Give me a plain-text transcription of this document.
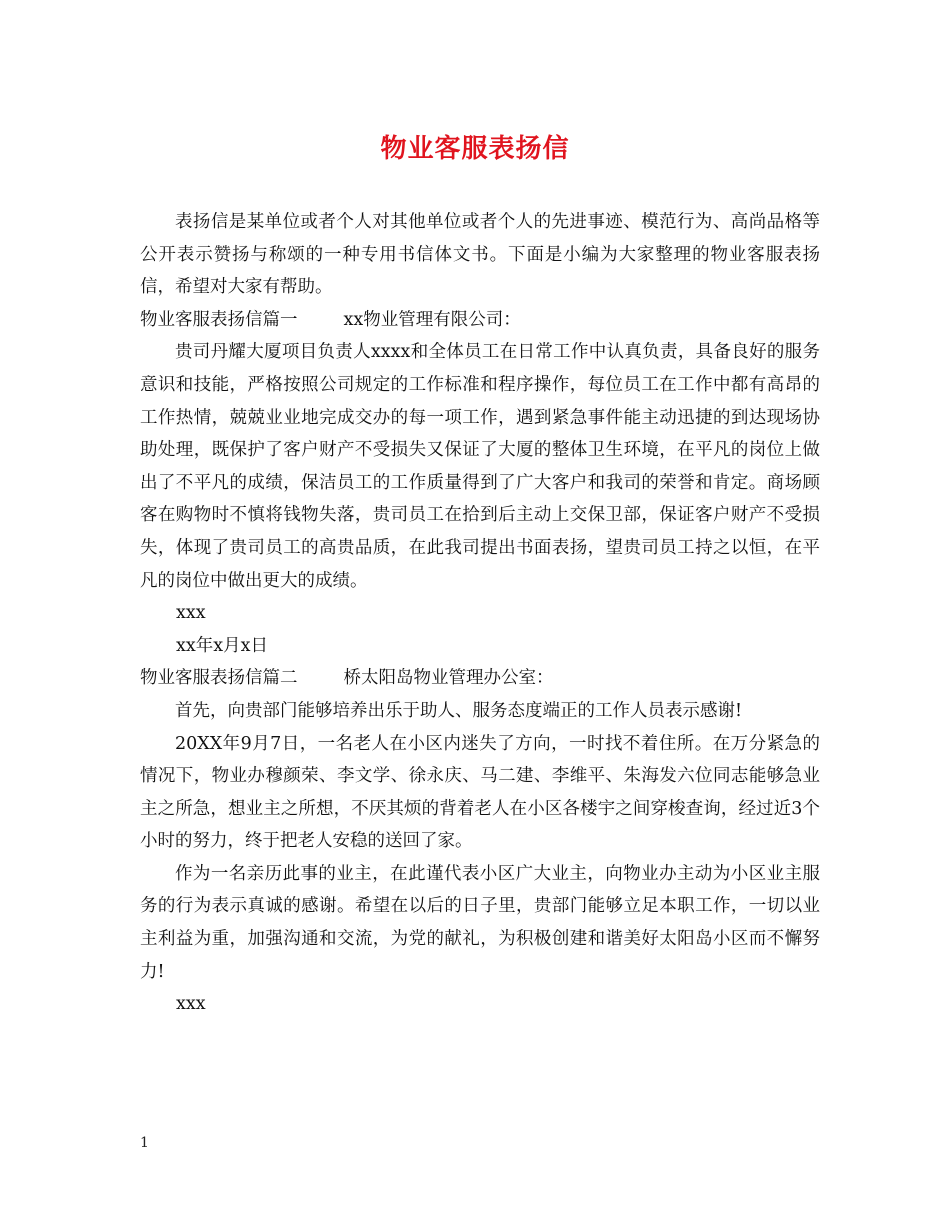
物业客服表扬信

表扬信是某单位或者个人对其他单位或者个人的先进事迹、模范行为、高尚品格等公开表示赞扬与称颂的一种专用书信体文书。下面是小编为大家整理的物业客服表扬信，希望对大家有帮助。

物业客服表扬信篇一	xx物业管理有限公司：

贵司丹耀大厦项目负责人xxxx和全体员工在日常工作中认真负责，具备良好的服务意识和技能，严格按照公司规定的工作标准和程序操作，每位员工在工作中都有高昂的工作热情，兢兢业业地完成交办的每一项工作，遇到紧急事件能主动迅捷的到达现场协助处理，既保护了客户财产不受损失又保证了大厦的整体卫生环境，在平凡的岗位上做出了不平凡的成绩，保洁员工的工作质量得到了广大客户和我司的荣誉和肯定。商场顾客在购物时不慎将钱物失落，贵司员工在拾到后主动上交保卫部，保证客户财产不受损失，体现了贵司员工的高贵品质，在此我司提出书面表扬，望贵司员工持之以恒，在平凡的岗位中做出更大的成绩。

xxx

xx年x月x日

物业客服表扬信篇二	桥太阳岛物业管理办公室：

首先，向贵部门能够培养出乐于助人、服务态度端正的工作人员表示感谢!

20XX年9月7日，一名老人在小区内迷失了方向，一时找不着住所。在万分紧急的情况下，物业办穆颜荣、李文学、徐永庆、马二建、李维平、朱海发六位同志能够急业主之所急，想业主之所想，不厌其烦的背着老人在小区各楼宇之间穿梭查询，经过近3个小时的努力，终于把老人安稳的送回了家。

作为一名亲历此事的业主，在此谨代表小区广大业主，向物业办主动为小区业主服务的行为表示真诚的感谢。希望在以后的日子里，贵部门能够立足本职工作，一切以业主利益为重，加强沟通和交流，为党的献礼，为积极创建和谐美好太阳岛小区而不懈努力!

xxx

1
